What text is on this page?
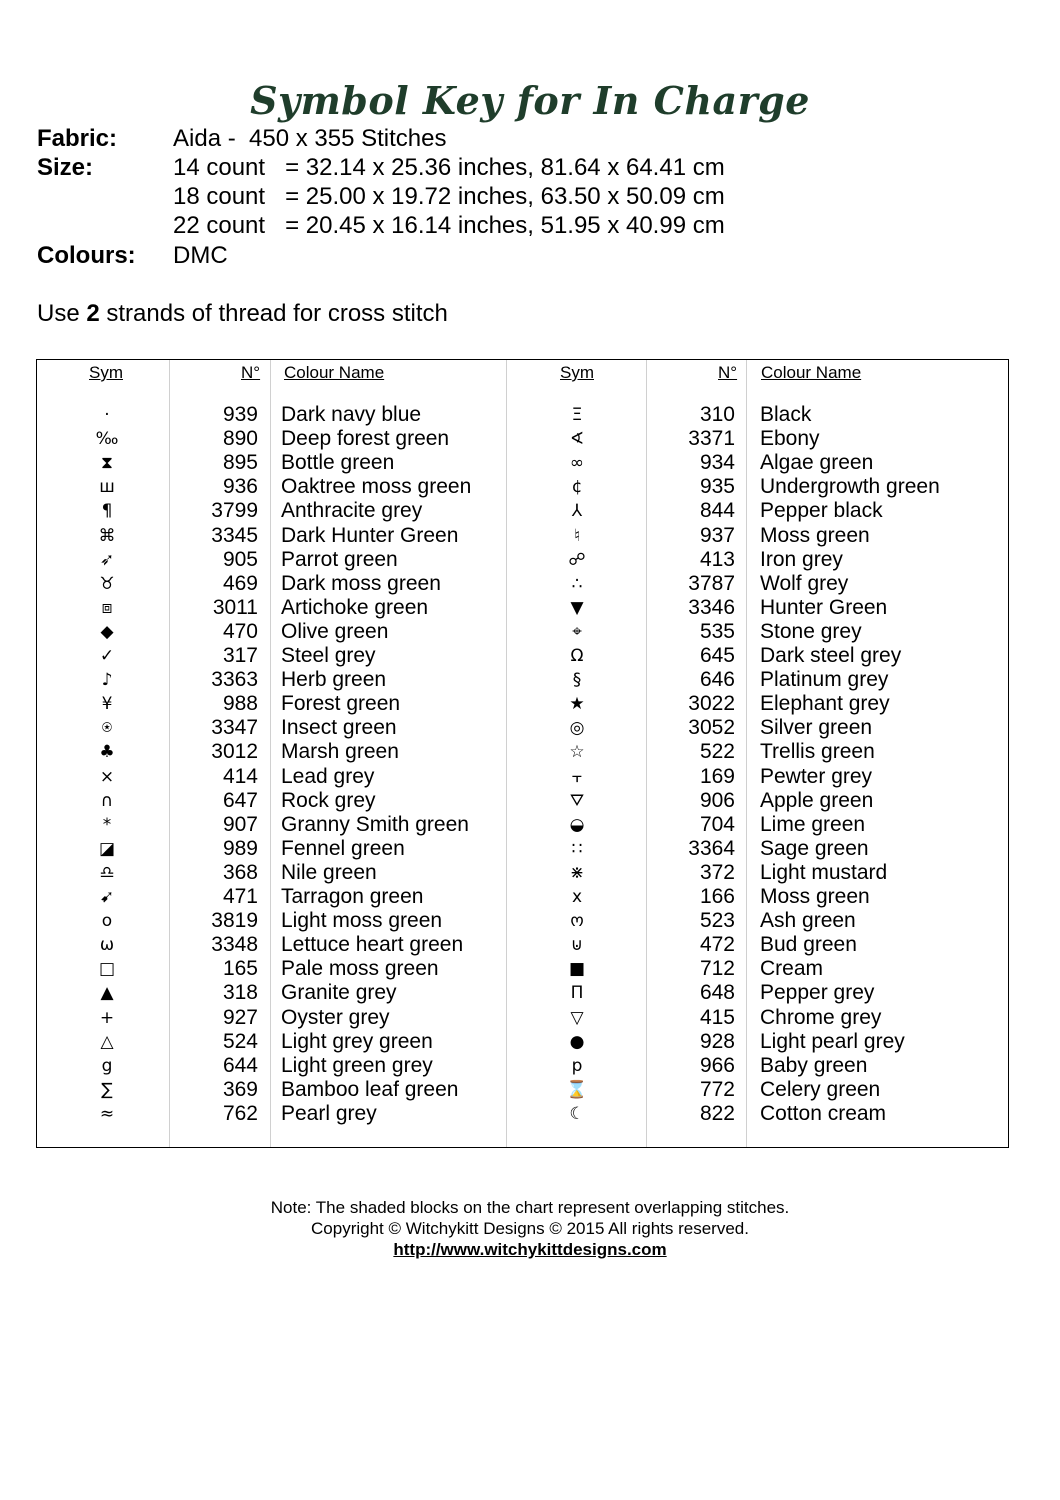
Symbol Key for In Charge
Fabric: Aida -  450 x 355 Stitches
Size:	14 count   = 32.14 x 25.36 inches, 81.64 x 64.41 cm
18 count   = 25.00 x 19.72 inches, 63.50 x 50.09 cm
22 count   = 20.45 x 16.14 inches, 51.95 x 40.99 cm
Colours: DMC
Use 2 strands of thread for cross stitch
Sym	N° Colour Name	Sym	N° Colour Name
·	939 Dark navy blue	Ξ	310 Black
‰	890 Deep forest green	∢	3371 Ebony
⧗	895 Bottle green	∞	934 Algae green
ш	936 Oaktree moss green	¢	935 Undergrowth green
¶	3799 Anthracite grey	⅄	844 Pepper black
⌘	3345 Dark Hunter Green	♮	937 Moss green
➶	905 Parrot green	☍	413 Iron grey
♉	469 Dark moss green	∴	3787 Wolf grey
⧈	3011 Artichoke green	▼	3346 Hunter Green
◆	470 Olive green	⌖	535 Stone grey
✓	317 Steel grey	Ω	645 Dark steel grey
♪	3363 Herb green	§	646 Platinum grey
¥	988 Forest green	★	3022 Elephant grey
⍟	3347 Insect green	◎	3052 Silver green
♣	3012 Marsh green	☆	522 Trellis green
⨯	414 Lead grey	⫟	169 Pewter grey
∩	647 Rock grey	⛛	906 Apple green
*	907 Granny Smith green	◒	704 Lime green
◪	989 Fennel green	∷	3364 Sage green
♎	368 Nile green	⋇	372 Light mustard
➹	471 Tarragon green	x	166 Moss green
o	3819 Light moss green	ო	523 Ash green
ω	3348 Lettuce heart green	⊍	472 Bud green
□	165 Pale moss green	■	712 Cream
▲	318 Granite grey	Π	648 Pepper grey
+	927 Oyster grey	▽	415 Chrome grey
△	524 Light grey green	●	928 Light pearl grey
g	644 Light green grey	p	966 Baby green
∑	369 Bamboo leaf green	⌛	772 Celery green
≈	762 Pearl grey	☾	822 Cotton cream
Note: The shaded blocks on the chart represent overlapping stitches.
Copyright © Witchykitt Designs © 2015 All rights reserved.
http://www.witchykittdesigns.com
